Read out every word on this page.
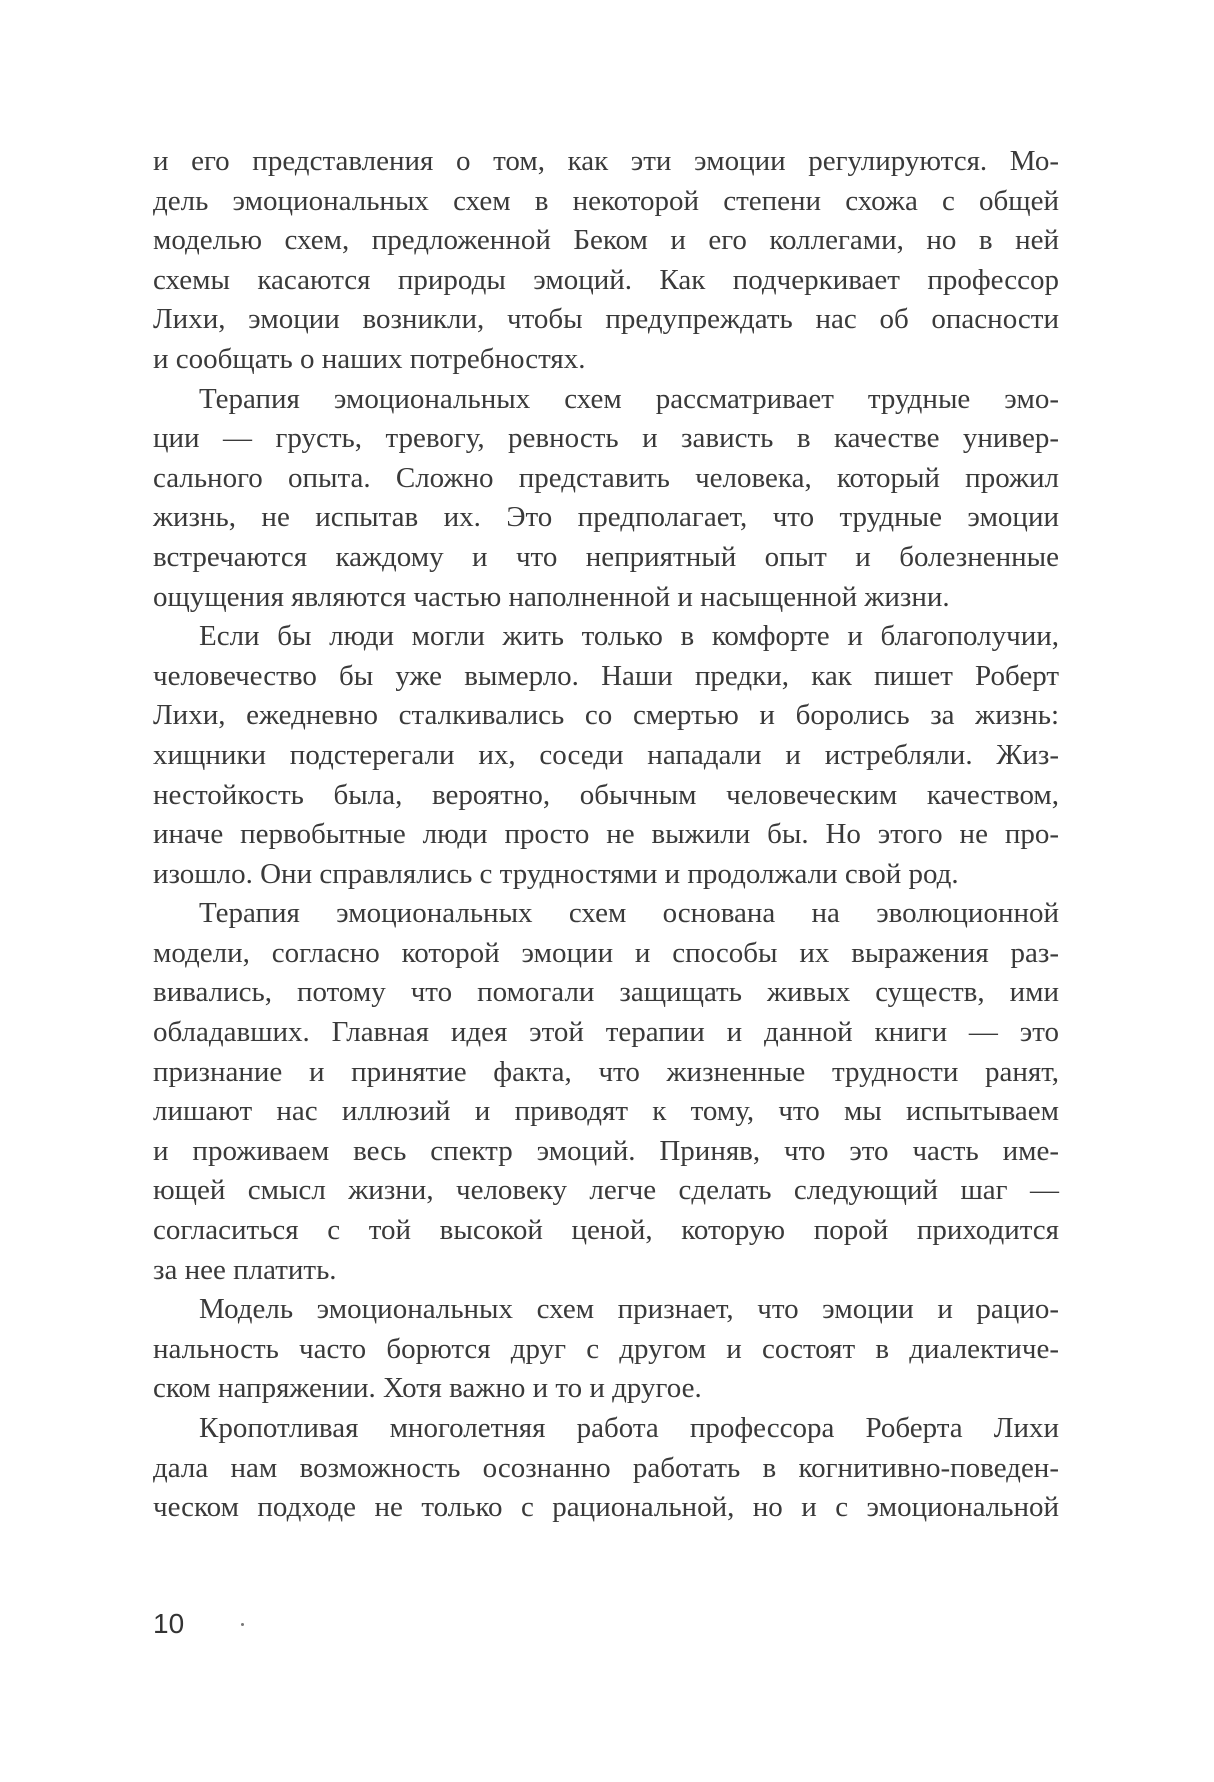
и его представления о том, как эти эмоции регулируются. Мо-
дель эмоциональных схем в некоторой степени схожа с общей
моделью схем, предложенной Беком и его коллегами, но в ней
схемы касаются природы эмоций. Как подчеркивает профессор
Лихи, эмоции возникли, чтобы предупреждать нас об опасности
и сообщать о наших потребностях.
Терапия эмоциональных схем рассматривает трудные эмо-
ции — грусть, тревогу, ревность и зависть в качестве универ-
сального опыта. Сложно представить человека, который прожил
жизнь, не испытав их. Это предполагает, что трудные эмоции
встречаются каждому и что неприятный опыт и болезненные
ощущения являются частью наполненной и насыщенной жизни.
Если бы люди могли жить только в комфорте и благополучии,
человечество бы уже вымерло. Наши предки, как пишет Роберт
Лихи, ежедневно сталкивались со смертью и боролись за жизнь:
хищники подстерегали их, соседи нападали и истребляли. Жиз-
нестойкость была, вероятно, обычным человеческим качеством,
иначе первобытные люди просто не выжили бы. Но этого не про-
изошло. Они справлялись с трудностями и продолжали свой род.
Терапия эмоциональных схем основана на эволюционной
модели, согласно которой эмоции и способы их выражения раз-
вивались, потому что помогали защищать живых существ, ими
обладавших. Главная идея этой терапии и данной книги — это
признание и принятие факта, что жизненные трудности ранят,
лишают нас иллюзий и приводят к тому, что мы испытываем
и проживаем весь спектр эмоций. Приняв, что это часть име-
ющей смысл жизни, человеку легче сделать следующий шаг —
согласиться с той высокой ценой, которую порой приходится
за нее платить.
Модель эмоциональных схем признает, что эмоции и рацио-
нальность часто борются друг с другом и состоят в диалектиче-
ском напряжении. Хотя важно и то и другое.
Кропотливая многолетняя работа профессора Роберта Лихи
дала нам возможность осознанно работать в когнитивно-поведен-
ческом подходе не только с рациональной, но и с эмоциональной
10
